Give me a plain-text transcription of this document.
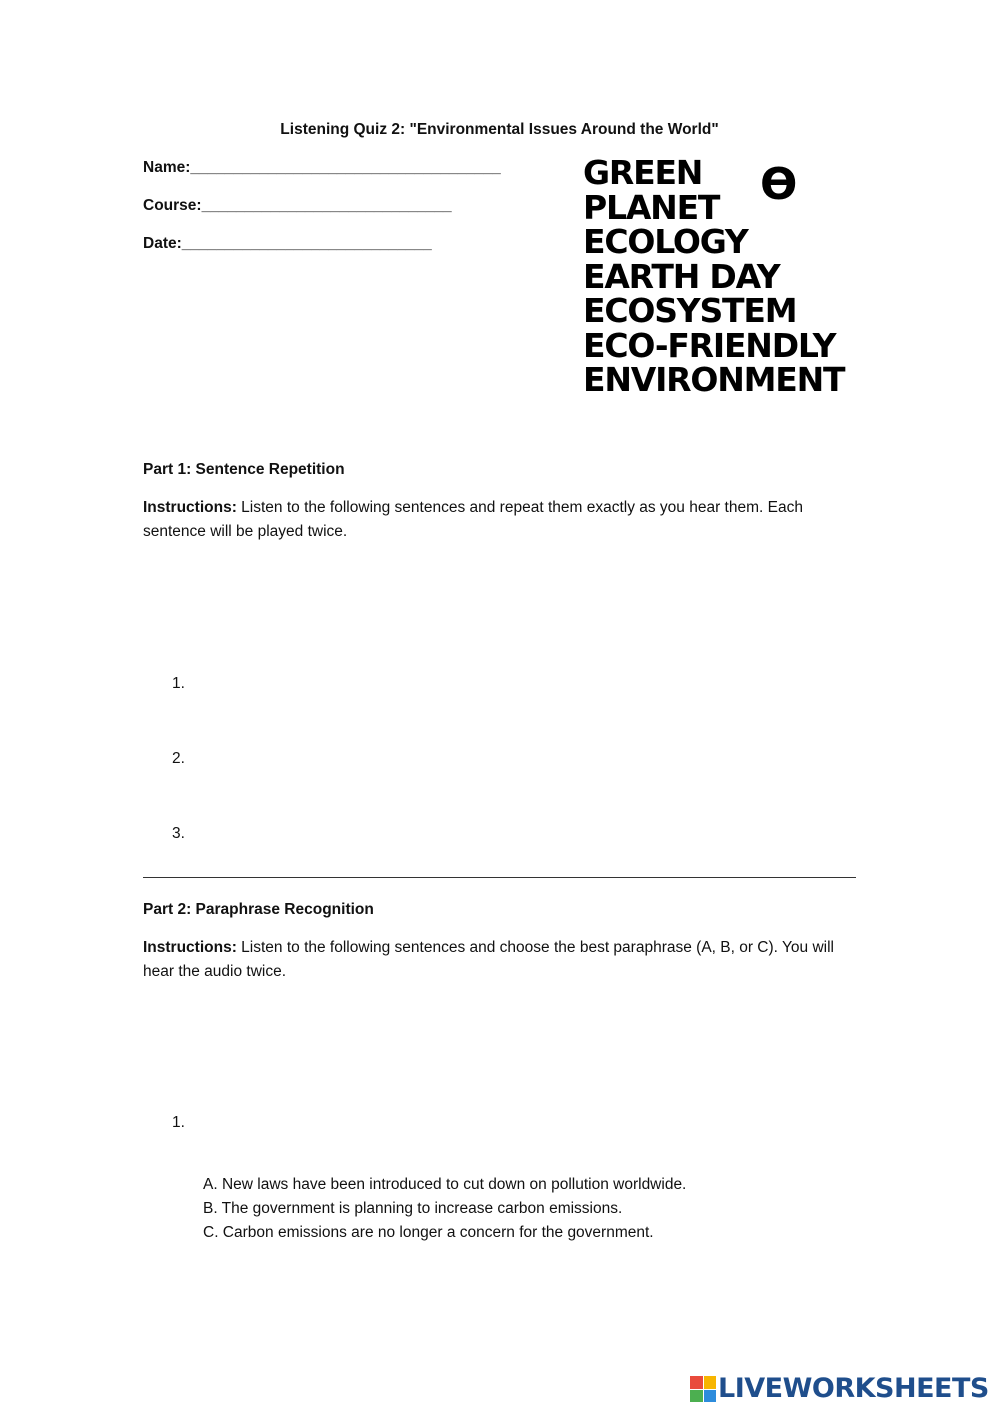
Listening Quiz 2: "Environmental Issues Around the World"
Name:____________________________________
Course:_____________________________
Date:_____________________________
GREEN
PLANET
ECOLOGY
EARTH DAY
ECOSYSTEM
ECO-FRIENDLY
ENVIRONMENT
ϴ
Part 1: Sentence Repetition
Instructions: Listen to the following sentences and repeat them exactly as you hear them. Each sentence will be played twice.
1.
2.
3.
Part 2: Paraphrase Recognition
Instructions: Listen to the following sentences and choose the best paraphrase (A, B, or C). You will hear the audio twice.
1.
A. New laws have been introduced to cut down on pollution worldwide.
B. The government is planning to increase carbon emissions.
C. Carbon emissions are no longer a concern for the government.
LIVEWORKSHEETS
